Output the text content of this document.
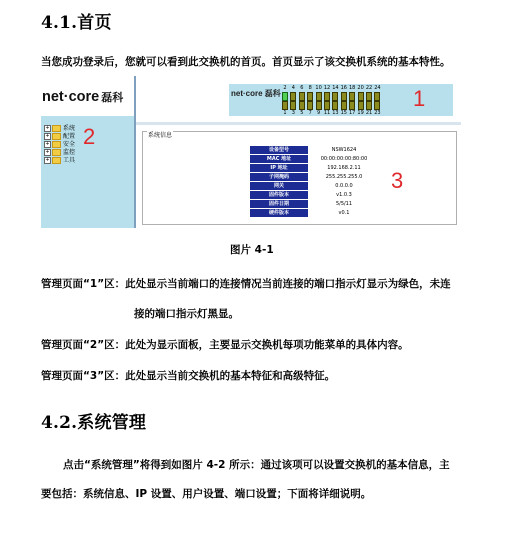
4.1.首页
当您成功登录后，您就可以看到此交换机的首页。首页显示了该交换机系统的基本特性。
net·core 磊科
+ 系统
+ 配置
+ 安全
+ 监控
+ 工具
net·core 磊科
2	4	6	8 10 12 14 16 18 20 22 24
1	3	5	7	9 11 13 15 17 19 21 23
系统信息
设备型号	NSW1624
MAC 地址	00:00:00:00:80:00
IP 地址	192.168.2.11
子网掩码	255.255.255.0
网关	0.0.0.0
固件版本	v1.0.3
固件日期	5/5/11
硬件版本	v0.1
1
2
3
图片 4-1
管理页面“1”区：此处显示当前端口的连接情况当前连接的端口指示灯显示为绿色，未连
接的端口指示灯黑显。
管理页面“2”区：此处为显示面板，主要显示交换机每项功能菜单的具体内容。
管理页面“3”区：此处显示当前交换机的基本特征和高级特征。
4.2.系统管理
点击“系统管理”将得到如图片 4-2 所示：通过该项可以设置交换机的基本信息，主
要包括：系统信息、IP 设置、用户设置、端口设置；下面将详细说明。
